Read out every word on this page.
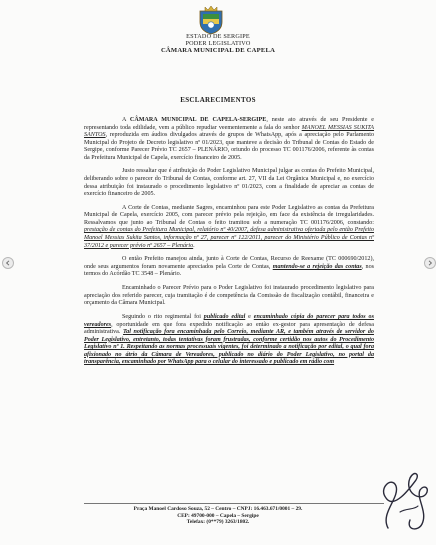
ESTADO DE SERGIPE
PODER LEGISLATIVO
CÂMARA MUNICIPAL DE CAPELA
ESCLARECIMENTOS

A CÂMARA MUNICIPAL DE CAPELA-SERGIPE, neste ato através de seu Presidente e representando toda edilidade, vem a público repudiar veementemente a fala do senhor MANOEL MESSIAS SUKITA SANTOS, reproduzida em áudios divulgados através de grupos de WhatsApp, após a apreciação pelo Parlamento Municipal do Projeto de Decreto legislativo nº 01/2023, que manteve a decisão do Tribunal de Contas do Estado de Sergipe, conforme Parecer Prévio TC 2657 – PLENÁRIO, oriundo do processo TC 001176/2006, referente às contas da Prefeitura Municipal de Capela, exercício financeiro de 2005.

Justo ressaltar que é atribuição do Poder Legislativo Municipal julgar as contas do Prefeito Municipal, deliberando sobre o parecer do Tribunal de Contas, conforme art. 27, VII da Lei Orgânica Municipal e, no exercício dessa atribuição foi instaurado o procedimento legislativo nº 01/2023, com a finalidade de apreciar as contas de exercício financeiro de 2005.

A Corte de Contas, mediante Sagres, encaminhou para este Poder Legislativo as contas da Prefeitura Municipal de Capela, exercício 2005, com parecer prévio pela rejeição, em face da existência de irregularidades. Ressalvamos que junto ao Tribunal de Contas o feito tramitou sob a numeração TC 001176/2006, constando: prestação de contas do Prefeitura Municipal, relatório nº 40/2007, defesa administrativa ofertada pelo então Prefeito Manoel Messias Sukita Santos, informação nº 27, parecer nº 122/2011, parecer do Ministério Público de Contas nº 37/2012 e parecer prévio nº 2657 – Plenário.

O então Prefeito manejou ainda, junto à Corte de Contas, Recurso de Reexame (TC 000690/2012), onde seus argumentos foram novamente apreciados pela Corte de Contas, mantendo-se a rejeição das contas, nos termos do Acórdão TC 3548 – Plenário.

Encaminhado o Parecer Prévio para o Poder Legislativo foi instaurado procedimento legislativo para apreciação dos referido parecer, cuja tramitação é de competência da Comissão de fiscalização contábil, financeira e orçamento da Câmara Municipal.

Seguindo o rito regimental foi publicado edital e encaminhado cópia do parecer para todos os vereadores, oportunidade em que fora expedido notificação ao então ex-gestor para apresentação de defesa administrativa. Tal notificação fora encaminhada pelo Correio, mediante AR, e também através de servidor do Poder Legislativo, entretanto, todas tentativas foram frustradas, conforme certidão nos autos do Procedimento Legislativo nº 1. Respeitando as normas processuais vigentes, foi determinado a notificação por edital, o qual fora afixionado no átrio da Câmara de Vereadores, publicado no diário do Poder Legislativo, no portal da transparência, encaminhado por WhatsApp para o celular do interessado e publicado em rádio com

Praça Manoel Cardoso Souza, 52 – Centro – CNPJ: 16.463.671/0001 – 29.
CEP: 49700-000 – Capela – Sergipe
Telefax: (0**79) 3263/1802.
